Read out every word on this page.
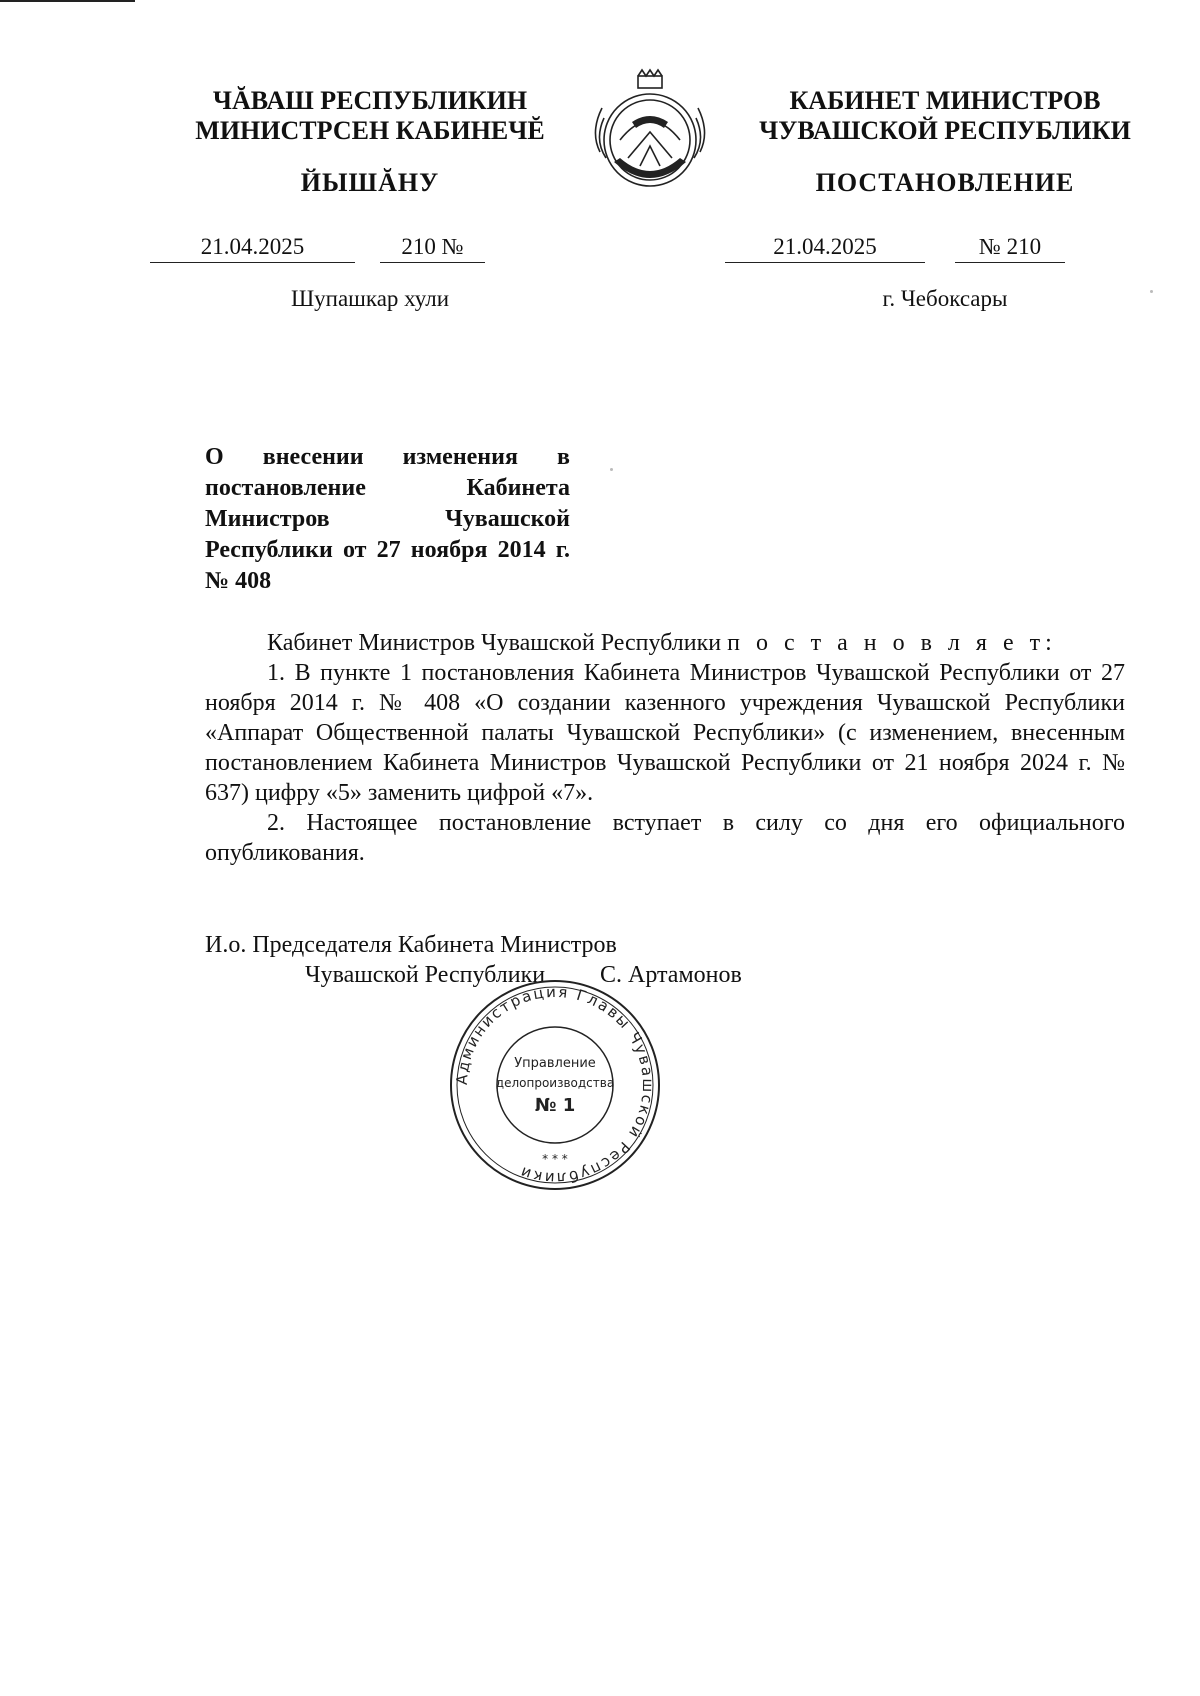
ЧĂВАШ РЕСПУБЛИКИН
МИНИСТРСЕН КАБИНЕЧĔ
ЙЫШĂНУ
КАБИНЕТ МИНИСТРОВ
ЧУВАШСКОЙ РЕСПУБЛИКИ
ПОСТАНОВЛЕНИЕ
21.04.2025	210 №	21.04.2025	№ 210
Шупашкар хули	г. Чебоксары
О внесении изменения в постановление Кабинета Министров Чувашской Республики от 27 ноября 2014 г. № 408

Кабинет Министров Чувашской Республики п о с т а н о в л я е т:

1. В пункте 1 постановления Кабинета Министров Чувашской Республики от 27 ноября 2014 г. № 408 «О создании казенного учреждения Чувашской Республики «Аппарат Общественной палаты Чувашской Республики» (с изменением, внесенным постановлением Кабинета Министров Чувашской Республики от 21 ноября 2024 г. № 637) цифру «5» заменить цифрой «7».

2. Настоящее постановление вступает в силу со дня его официального опубликования.

И.о. Председателя Кабинета Министров
Чувашской Республики С. Артамонов
Администрация Главы Чувашской Республики
Управление
делопроизводства
№ 1
* * *
